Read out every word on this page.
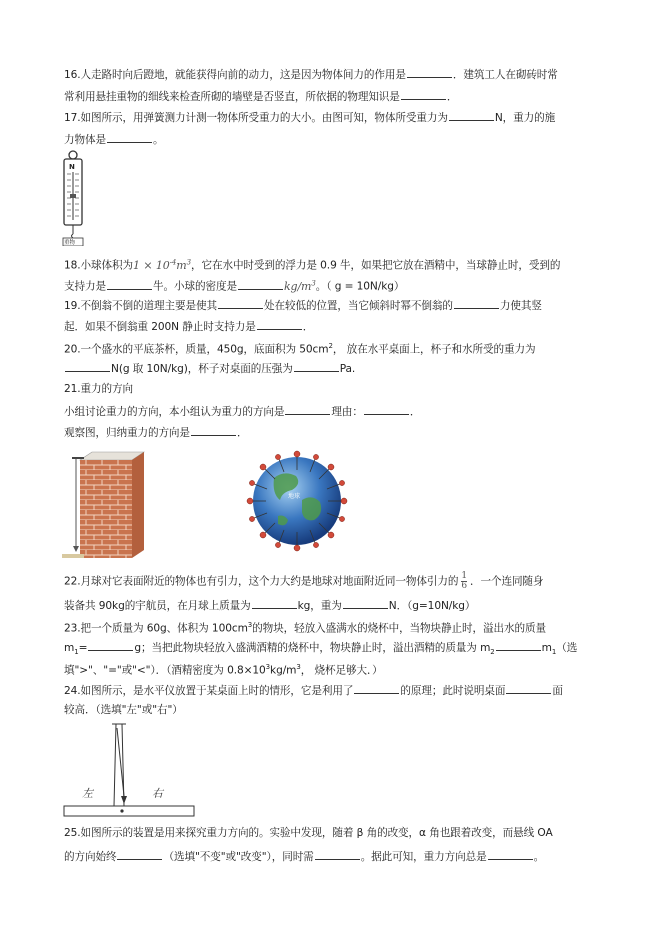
16.人走路时向后蹬地，就能获得向前的动力，这是因为物体间力的作用是	．建筑工人在砌砖时常
常利用悬挂重物的细线来检查所砌的墙壁是否竖直，所依据的物理知识是	．
17.如图所示，用弹簧测力计测一物体所受重力的大小。由图可知，物体所受重力为	N，重力的施
力物体是	。
N
重物
18.小球体积为$1 \times 10^{-4}m^3$，它在水中时受到的浮力是 0.9 牛，如果把它放在酒精中，当球静止时，受到的
支持力是	牛。小球的密度是	$kg/m^3$。（ g = 10N/kg）
19.不倒翁不倒的道理主要是使其	处在较低的位置，当它倾斜时幂不倒翁的	力使其竖
起．如果不倒翁重 200N 静止时支持力是	．
20.一个盛水的平底茶杯，质量，450g，底面积为 $50cm^2$， 放在水平桌面上，杯子和水所受的重力为
N(g 取 10N/kg)，杯子对桌面的压强为	Pa.
21.重力的方向
小组讨论重力的方向，本小组认为重力的方向是	理由：	．
观察图，归纳重力的方向是	．
地球
22.月球对它表面附近的物体也有引力，这个力大约是地球对地面附近同一物体引力的 $\frac{1}{6}$ ．一个连同随身
装备共 90kg的宇航员，在月球上质量为	kg，重为	N．（g=10N/kg）
23.把一个质量为 60g、体积为 $100cm^3$的物块，轻放入盛满水的烧杯中，当物块静止时，溢出水的质量
$m_1=$	g；当把此物块轻放入盛满酒精的烧杯中，物块静止时，溢出酒精的质量为 $m_2$	$m_1$（选
填">"、"="或"<"）．（酒精密度为 $0.8\times 10^3kg/m^3$， 烧杯足够大．）
24.如图所示，是水平仪放置于某桌面上时的情形，它是利用了	的原理；此时说明桌面	面
较高．（选填"左"或"右"）
左	右
25.如图所示的装置是用来探究重力方向的。实验中发现，随着 β 角的改变，α 角也跟着改变，而悬线 OA
的方向始终	（选填"不变"或"改变"），同时需	。据此可知，重力方向总是	。
